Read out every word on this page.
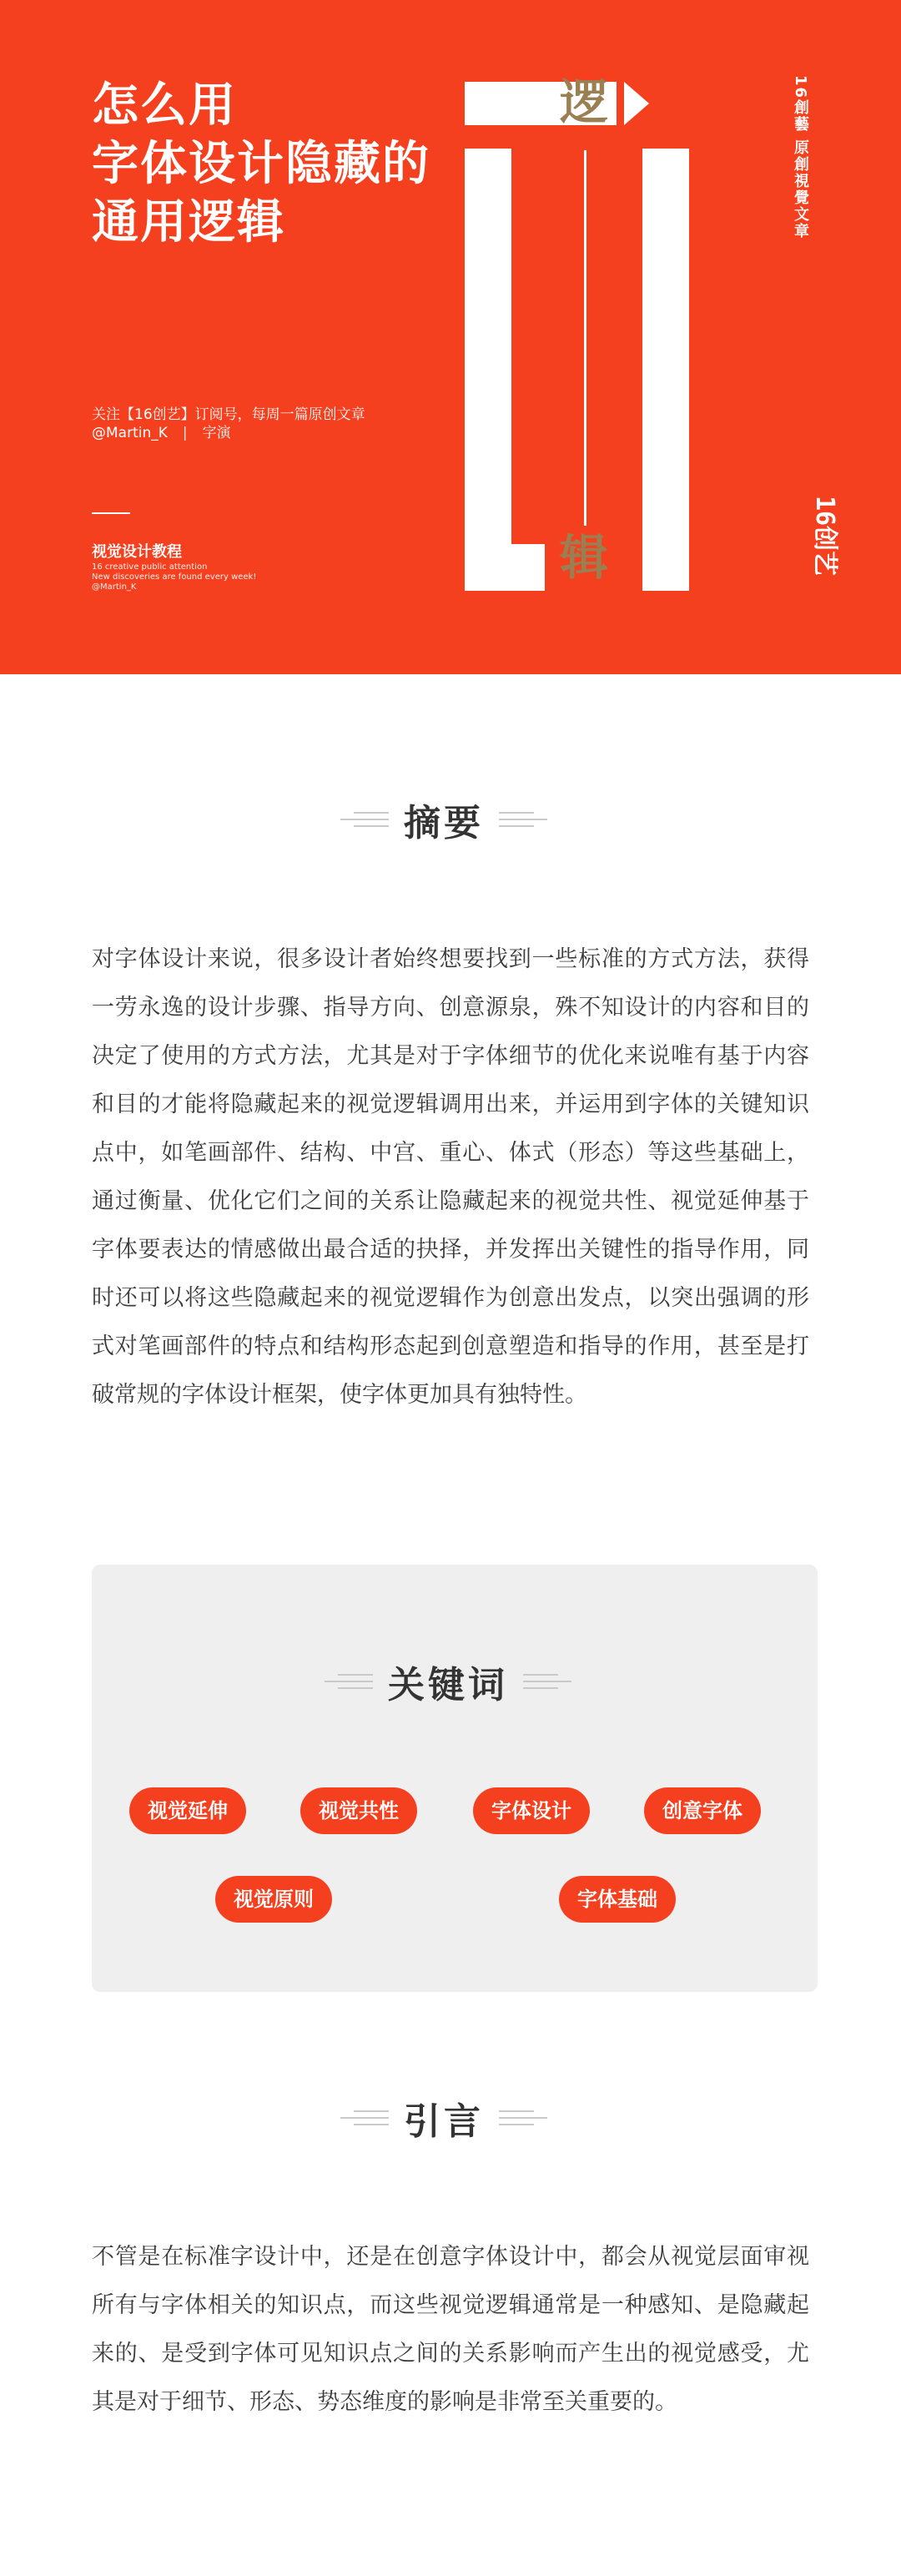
怎么用
字体设计隐藏的
通用逻辑
关注【16创艺】订阅号，每周一篇原创文章
@Martin_K | 字演
视觉设计教程
16 creative public attention
New discoveries are found every week!
@Martin_K
逻
辑
16創藝 原創視覺文章
16创艺
摘要
对字体设计来说，很多设计者始终想要找到一些标准的方式方法，获得一劳永逸的设计步骤、指导方向、创意源泉，殊不知设计的内容和目的决定了使用的方式方法，尤其是对于字体细节的优化来说唯有基于内容和目的才能将隐藏起来的视觉逻辑调用出来，并运用到字体的关键知识点中，如笔画部件、结构、中宫、重心、体式（形态）等这些基础上，通过衡量、优化它们之间的关系让隐藏起来的视觉共性、视觉延伸基于字体要表达的情感做出最合适的抉择，并发挥出关键性的指导作用，同时还可以将这些隐藏起来的视觉逻辑作为创意出发点，以突出强调的形式对笔画部件的特点和结构形态起到创意塑造和指导的作用，甚至是打破常规的字体设计框架，使字体更加具有独特性。
关键词
视觉延伸	视觉共性	字体设计	创意字体
视觉原则	字体基础
引言
不管是在标准字设计中，还是在创意字体设计中，都会从视觉层面审视所有与字体相关的知识点，而这些视觉逻辑通常是一种感知、是隐藏起来的、是受到字体可见知识点之间的关系影响而产生出的视觉感受，尤其是对于细节、形态、势态维度的影响是非常至关重要的。
